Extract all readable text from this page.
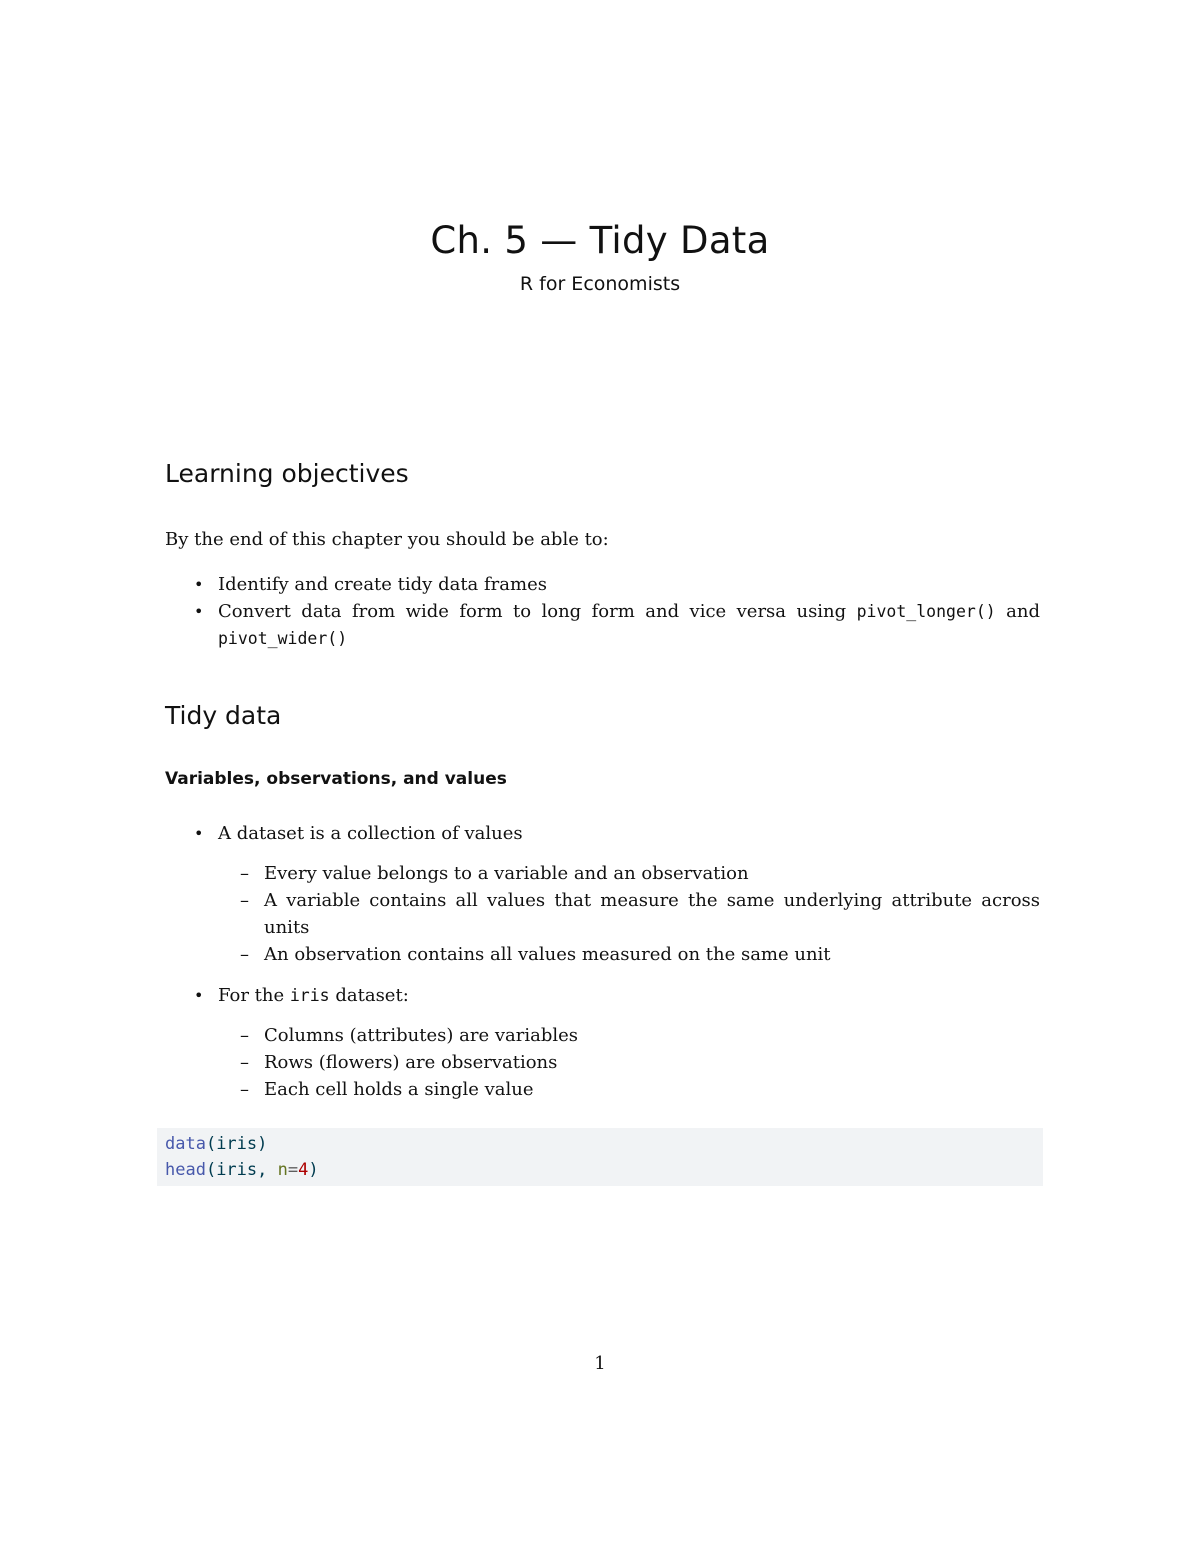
Ch. 5 — Tidy Data
R for Economists
Learning objectives
By the end of this chapter you should be able to:
• Identify and create tidy data frames
• Convert data from wide form to long form and vice versa using pivot_longer() and pivot_wider()
Tidy data
Variables, observations, and values
• A dataset is a collection of values
– Every value belongs to a variable and an observation
– A variable contains all values that measure the same underlying attribute across units
– An observation contains all values measured on the same unit
• For the iris dataset:
– Columns (attributes) are variables
– Rows (flowers) are observations
– Each cell holds a single value
data(iris)
head(iris, n=4)
1
